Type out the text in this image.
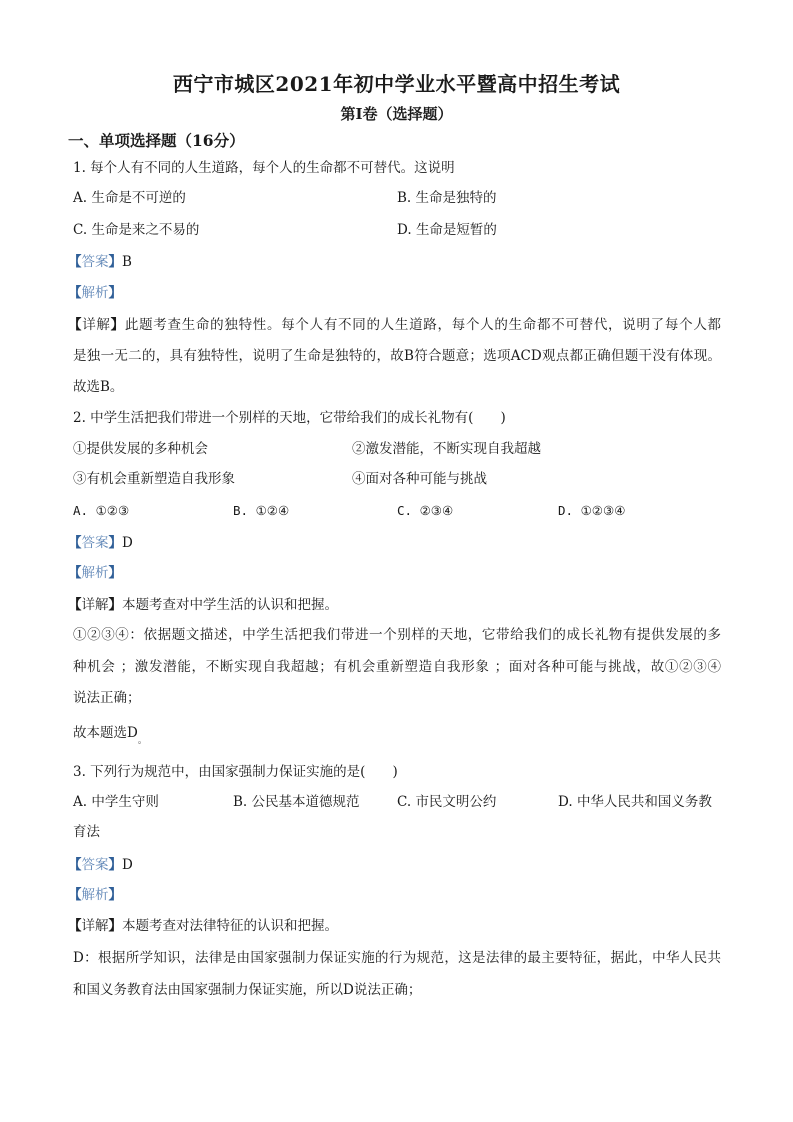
西宁市城区2021年初中学业水平暨高中招生考试
第I卷（选择题）
一、单项选择题（16分）
1. 每个人有不同的人生道路，每个人的生命都不可替代。这说明
A. 生命是不可逆的	B. 生命是独特的
C. 生命是来之不易的	D. 生命是短暂的
【答案】B
【解析】
【详解】此题考查生命的独特性。每个人有不同的人生道路，每个人的生命都不可替代，说明了每个人都
是独一无二的，具有独特性，说明了生命是独特的，故B符合题意；选项ACD观点都正确但题干没有体现。
故选B。
2. 中学生活把我们带进一个别样的天地，它带给我们的成长礼物有(　　)
①提供发展的多种机会	②激发潜能，不断实现自我超越
③有机会重新塑造自我形象	④面对各种可能与挑战
A. ①②③	B. ①②④	C. ②③④	D. ①②③④
【答案】D
【解析】
【详解】本题考查对中学生活的认识和把握。
①②③④：依据题文描述，中学生活把我们带进一个别样的天地，它带给我们的成长礼物有提供发展的多
种机会 ；激发潜能，不断实现自我超越；有机会重新塑造自我形象 ；面对各种可能与挑战，故①②③④
说法正确；
故本题选$D_。$
3. 下列行为规范中，由国家强制力保证实施的是(　　)
A. 中学生守则	B. 公民基本道德规范	C. 市民文明公约	D. 中华人民共和国义务教
育法
【答案】D
【解析】
【详解】本题考查对法律特征的认识和把握。
D：根据所学知识，法律是由国家强制力保证实施的行为规范，这是法律的最主要特征，据此，中华人民共
和国义务教育法由国家强制力保证实施，所以D说法正确；
